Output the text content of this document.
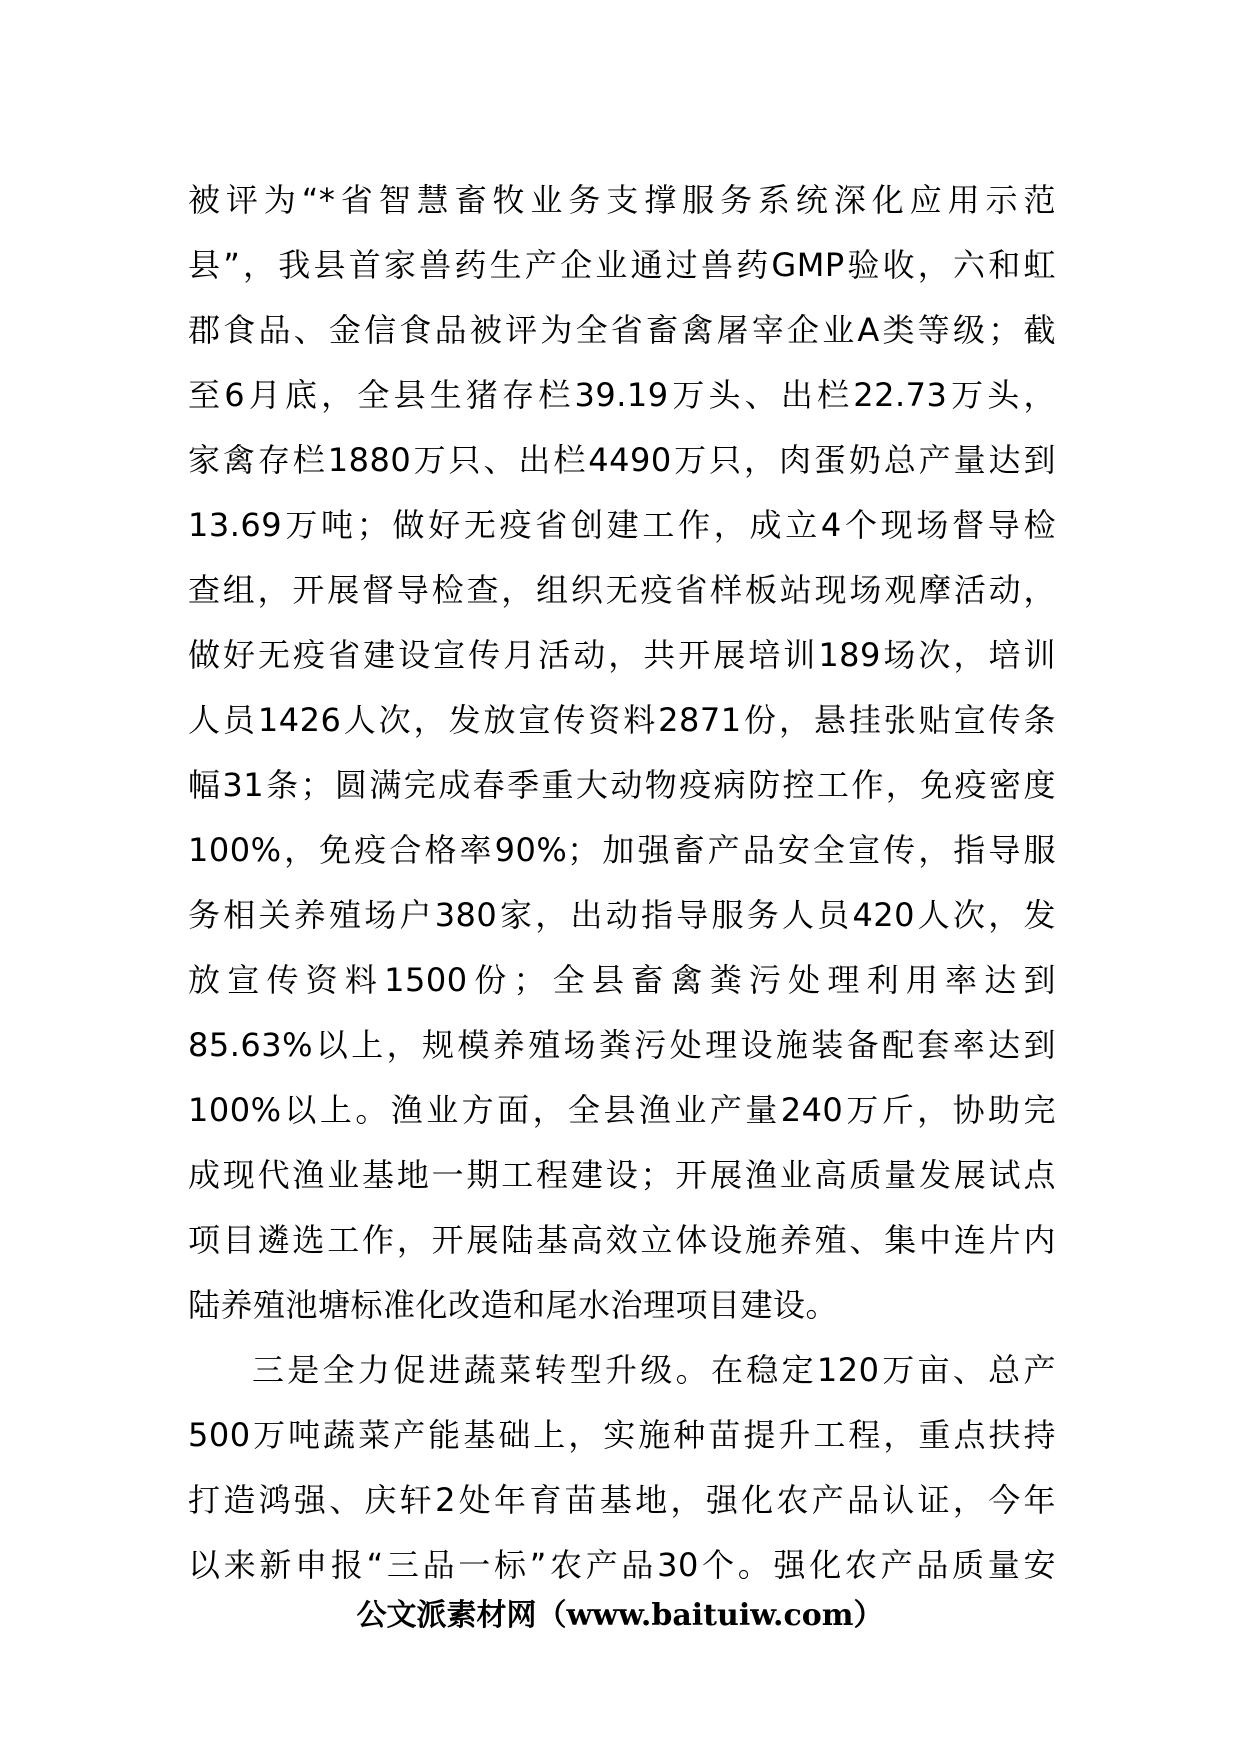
被评为“*省智慧畜牧业务支撑服务系统深化应用示范
县”，我县首家兽药生产企业通过兽药GMP验收，六和虹
郡食品、金信食品被评为全省畜禽屠宰企业A类等级；截
至6月底，全县生猪存栏39.19万头、出栏22.73万头，
家禽存栏1880万只、出栏4490万只，肉蛋奶总产量达到
13.69万吨；做好无疫省创建工作，成立4个现场督导检
查组，开展督导检查，组织无疫省样板站现场观摩活动，
做好无疫省建设宣传月活动，共开展培训189场次，培训
人员1426人次，发放宣传资料2871份，悬挂张贴宣传条
幅31条；圆满完成春季重大动物疫病防控工作，免疫密度
100%，免疫合格率90%；加强畜产品安全宣传，指导服
务相关养殖场户380家，出动指导服务人员420人次，发
放宣传资料1500份；全县畜禽粪污处理利用率达到
85.63%以上，规模养殖场粪污处理设施装备配套率达到
100%以上。渔业方面，全县渔业产量240万斤，协助完
成现代渔业基地一期工程建设；开展渔业高质量发展试点
项目遴选工作，开展陆基高效立体设施养殖、集中连片内
陆养殖池塘标准化改造和尾水治理项目建设。
三是全力促进蔬菜转型升级。在稳定120万亩、总产
500万吨蔬菜产能基础上，实施种苗提升工程，重点扶持
打造鸿强、庆轩2处年育苗基地，强化农产品认证，今年
以来新申报“三品一标”农产品30个。强化农产品质量安
公文派素材网（www.baituiw.com）
